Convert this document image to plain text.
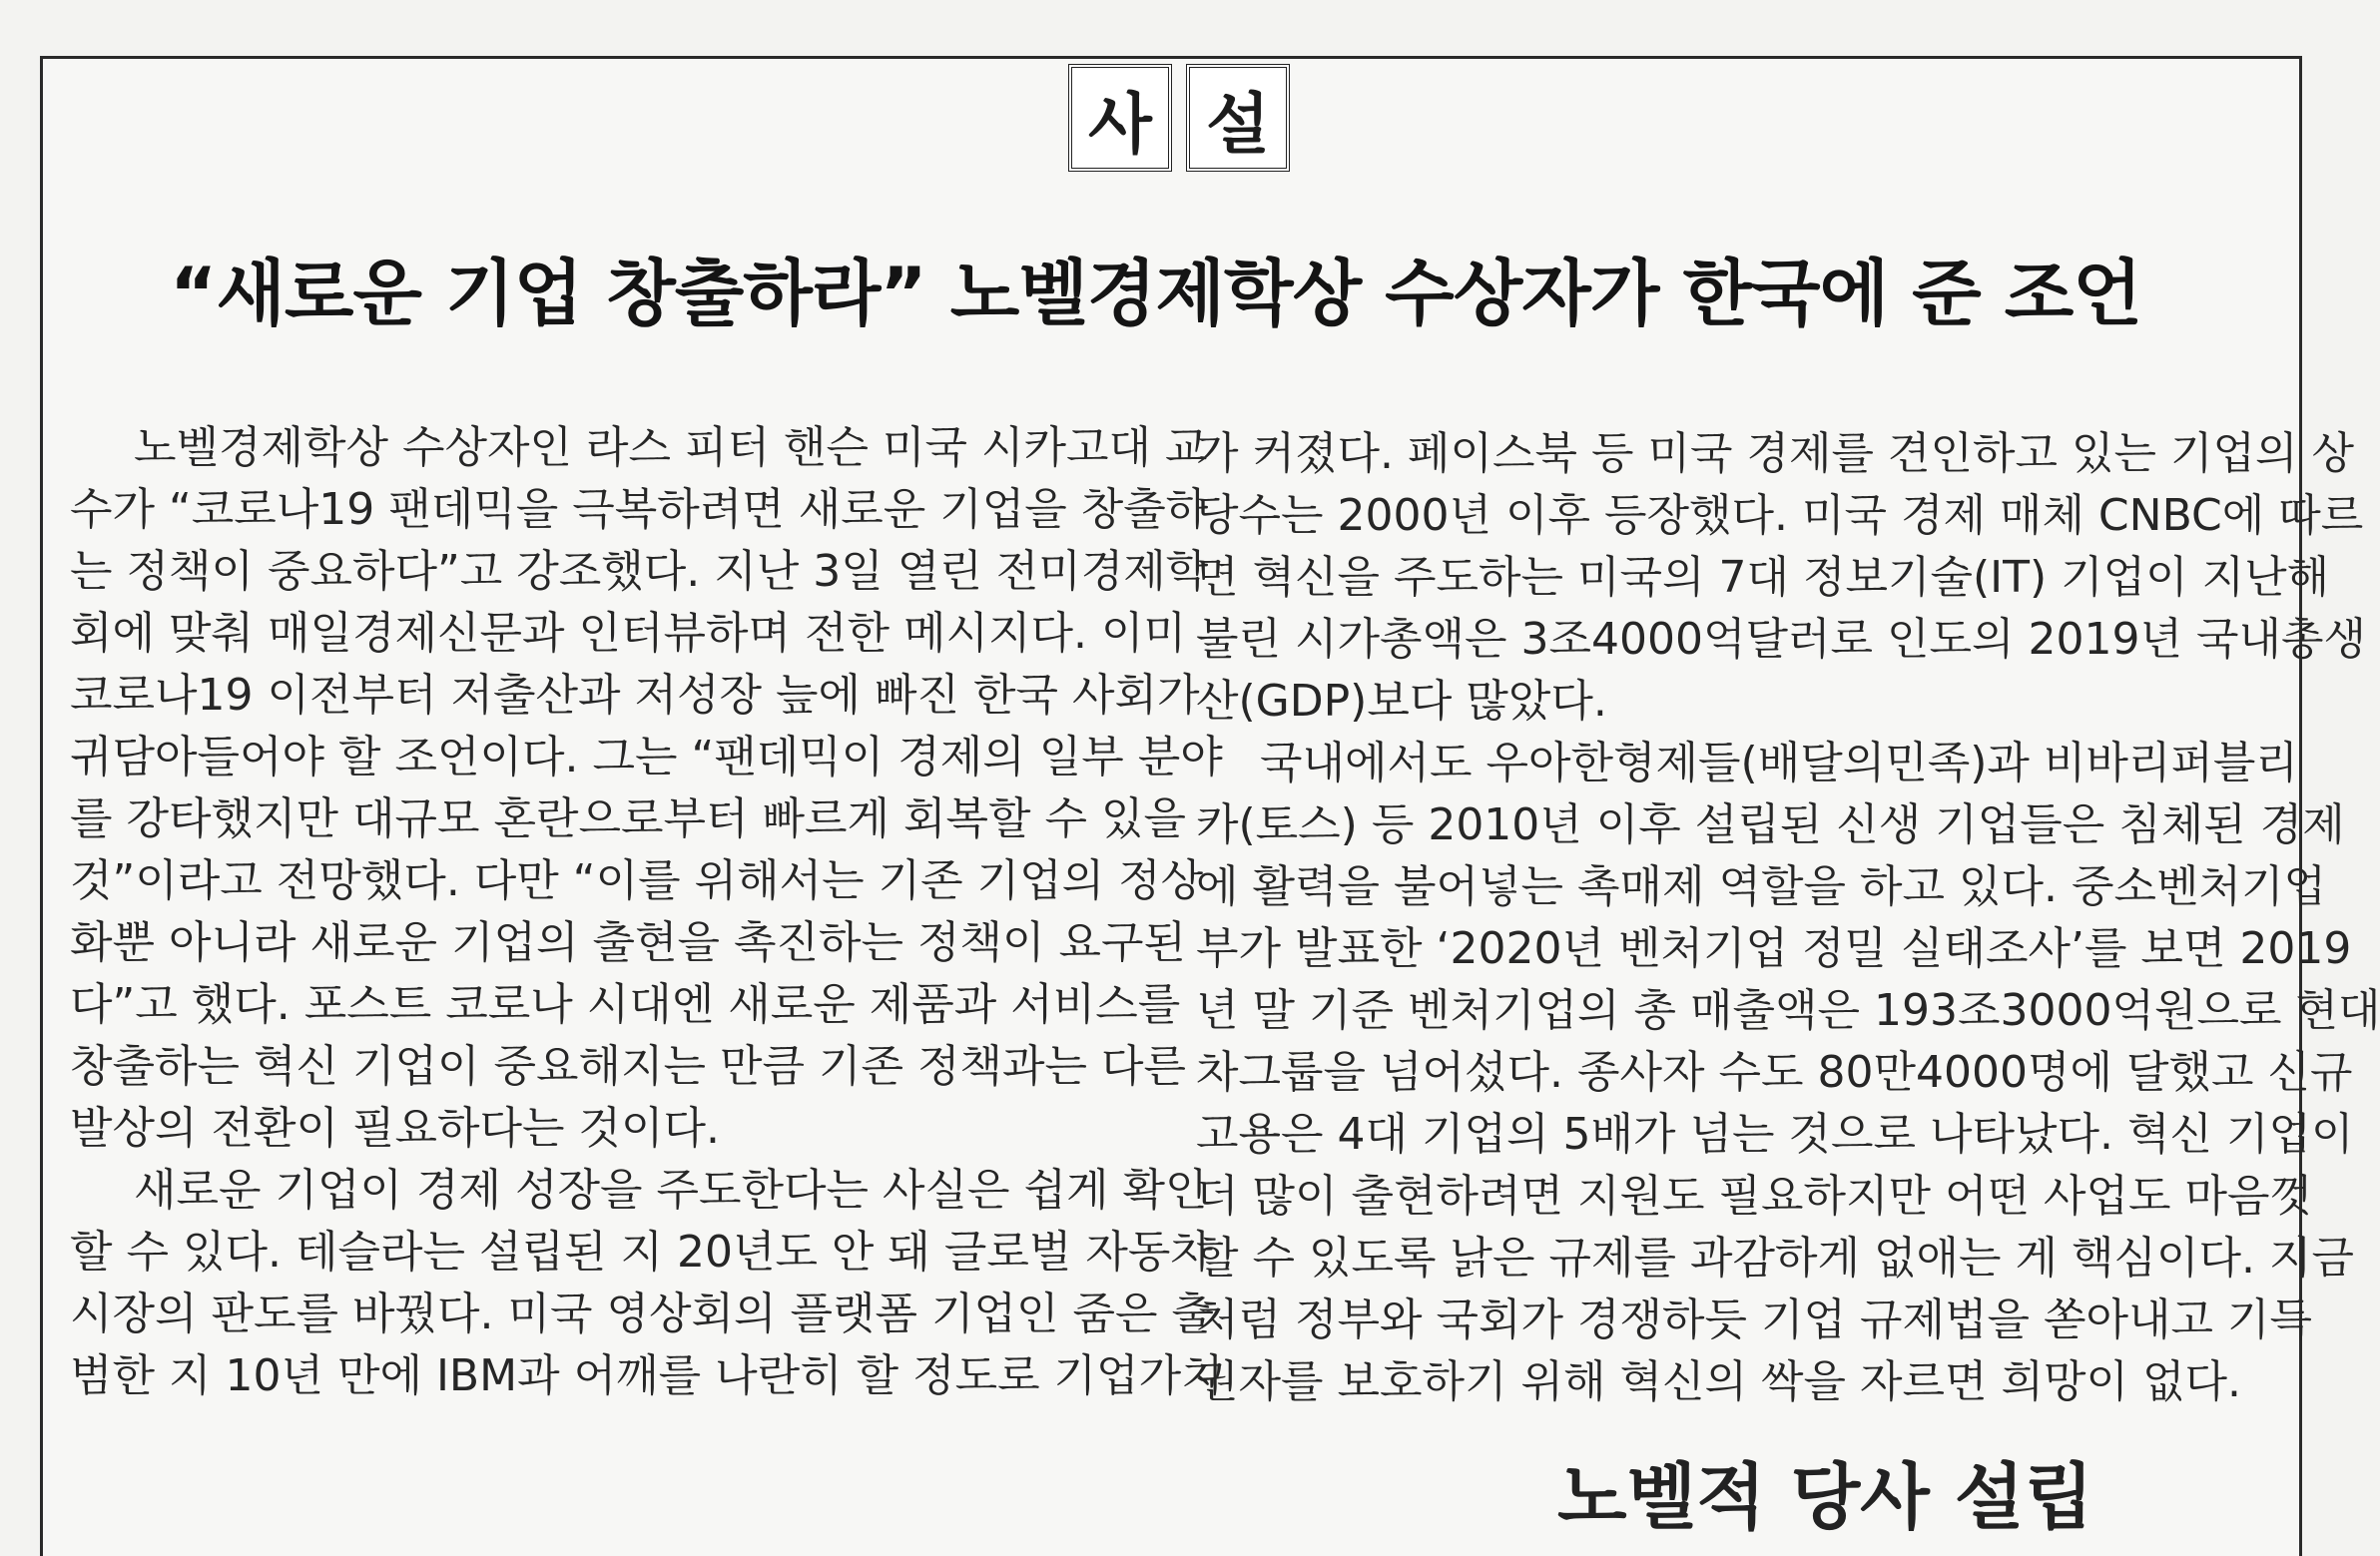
사 설
“새로운 기업 창출하라” 노벨경제학상 수상자가 한국에 준 조언
노벨경제학상 수상자인 라스 피터 핸슨 미국 시카고대 교
수가 “코로나19 팬데믹을 극복하려면 새로운 기업을 창출하
는 정책이 중요하다”고 강조했다. 지난 3일 열린 전미경제학
회에 맞춰 매일경제신문과 인터뷰하며 전한 메시지다. 이미
코로나19 이전부터 저출산과 저성장 늪에 빠진 한국 사회가
귀담아들어야 할 조언이다. 그는 “팬데믹이 경제의 일부 분야
를 강타했지만 대규모 혼란으로부터 빠르게 회복할 수 있을
것”이라고 전망했다. 다만 “이를 위해서는 기존 기업의 정상
화뿐 아니라 새로운 기업의 출현을 촉진하는 정책이 요구된
다”고 했다. 포스트 코로나 시대엔 새로운 제품과 서비스를
창출하는 혁신 기업이 중요해지는 만큼 기존 정책과는 다른
발상의 전환이 필요하다는 것이다.
새로운 기업이 경제 성장을 주도한다는 사실은 쉽게 확인
할 수 있다. 테슬라는 설립된 지 20년도 안 돼 글로벌 자동차
시장의 판도를 바꿨다. 미국 영상회의 플랫폼 기업인 줌은 출
범한 지 10년 만에 IBM과 어깨를 나란히 할 정도로 기업가치
가 커졌다. 페이스북 등 미국 경제를 견인하고 있는 기업의 상
당수는 2000년 이후 등장했다. 미국 경제 매체 CNBC에 따르
면 혁신을 주도하는 미국의 7대 정보기술(IT) 기업이 지난해
불린 시가총액은 3조4000억달러로 인도의 2019년 국내총생
산(GDP)보다 많았다.
국내에서도 우아한형제들(배달의민족)과 비바리퍼블리
카(토스) 등 2010년 이후 설립된 신생 기업들은 침체된 경제
에 활력을 불어넣는 촉매제 역할을 하고 있다. 중소벤처기업
부가 발표한 ‘2020년 벤처기업 정밀 실태조사’를 보면 2019
년 말 기준 벤처기업의 총 매출액은 193조3000억원으로 현대
차그룹을 넘어섰다. 종사자 수도 80만4000명에 달했고 신규
고용은 4대 기업의 5배가 넘는 것으로 나타났다. 혁신 기업이
더 많이 출현하려면 지원도 필요하지만 어떤 사업도 마음껏
할 수 있도록 낡은 규제를 과감하게 없애는 게 핵심이다. 지금
처럼 정부와 국회가 경쟁하듯 기업 규제법을 쏟아내고 기득
권자를 보호하기 위해 혁신의 싹을 자르면 희망이 없다.
노벨적 당사 설립
